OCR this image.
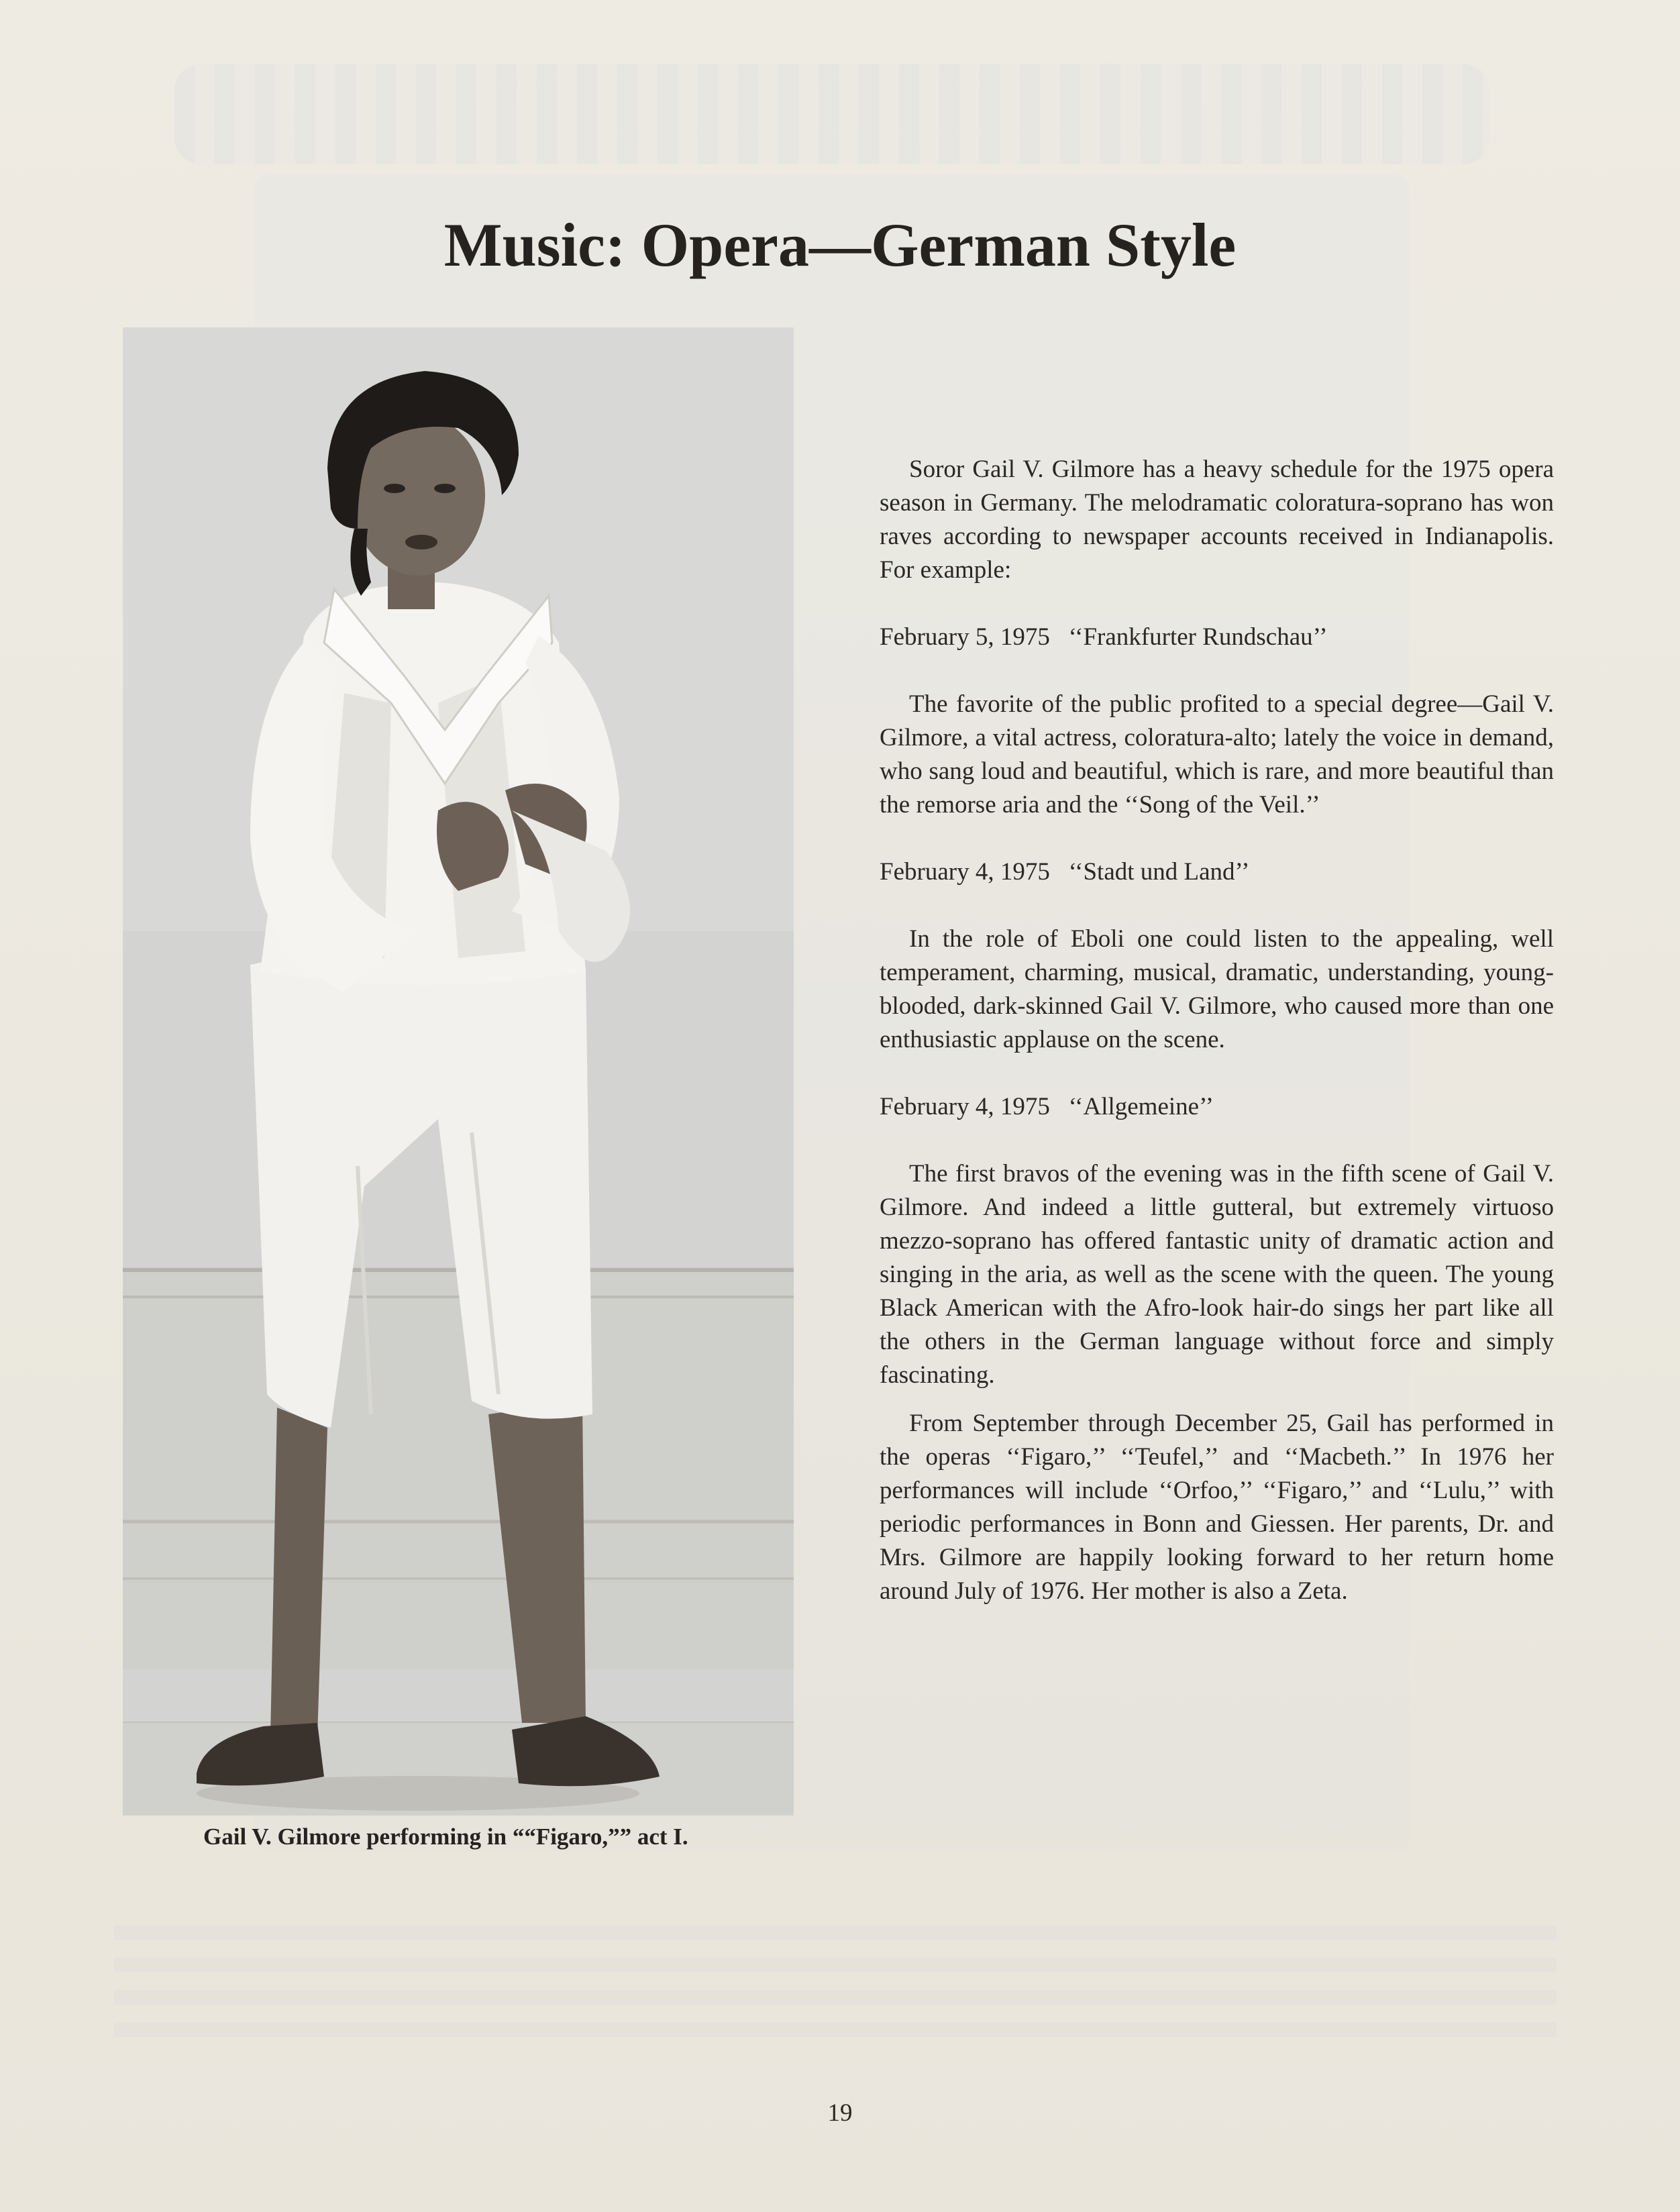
Music: Opera—German Style

Gail V. Gilmore performing in ““Figaro,”” act I.

Soror Gail V. Gilmore has a heavy schedule for the 1975 opera season in Germany. The melodramatic coloratura-soprano has won raves according to newspaper accounts received in Indianapolis. For example:

February 5, 1975 ‘‘Frankfurter Rundschau’’

The favorite of the public profited to a special degree—Gail V. Gilmore, a vital actress, coloratura-alto; lately the voice in demand, who sang loud and beautiful, which is rare, and more beautiful than the remorse aria and the ‘‘Song of the Veil.’’

February 4, 1975 ‘‘Stadt und Land’’

In the role of Eboli one could listen to the appealing, well temperament, charming, musical, dramatic, understanding, young-blooded, dark-skinned Gail V. Gilmore, who caused more than one enthusiastic applause on the scene.

February 4, 1975 ‘‘Allgemeine’’

The first bravos of the evening was in the fifth scene of Gail V. Gilmore. And indeed a little gutteral, but extremely virtuoso mezzo-soprano has offered fantastic unity of dramatic action and singing in the aria, as well as the scene with the queen. The young Black American with the Afro-look hair-do sings her part like all the others in the German language without force and simply fascinating.

From September through December 25, Gail has performed in the operas ‘‘Figaro,’’ ‘‘Teufel,’’ and ‘‘Macbeth.’’ In 1976 her performances will include ‘‘Orfoo,’’ ‘‘Figaro,’’ and ‘‘Lulu,’’ with periodic performances in Bonn and Giessen. Her parents, Dr. and Mrs. Gilmore are happily looking forward to her return home around July of 1976. Her mother is also a Zeta.

19
